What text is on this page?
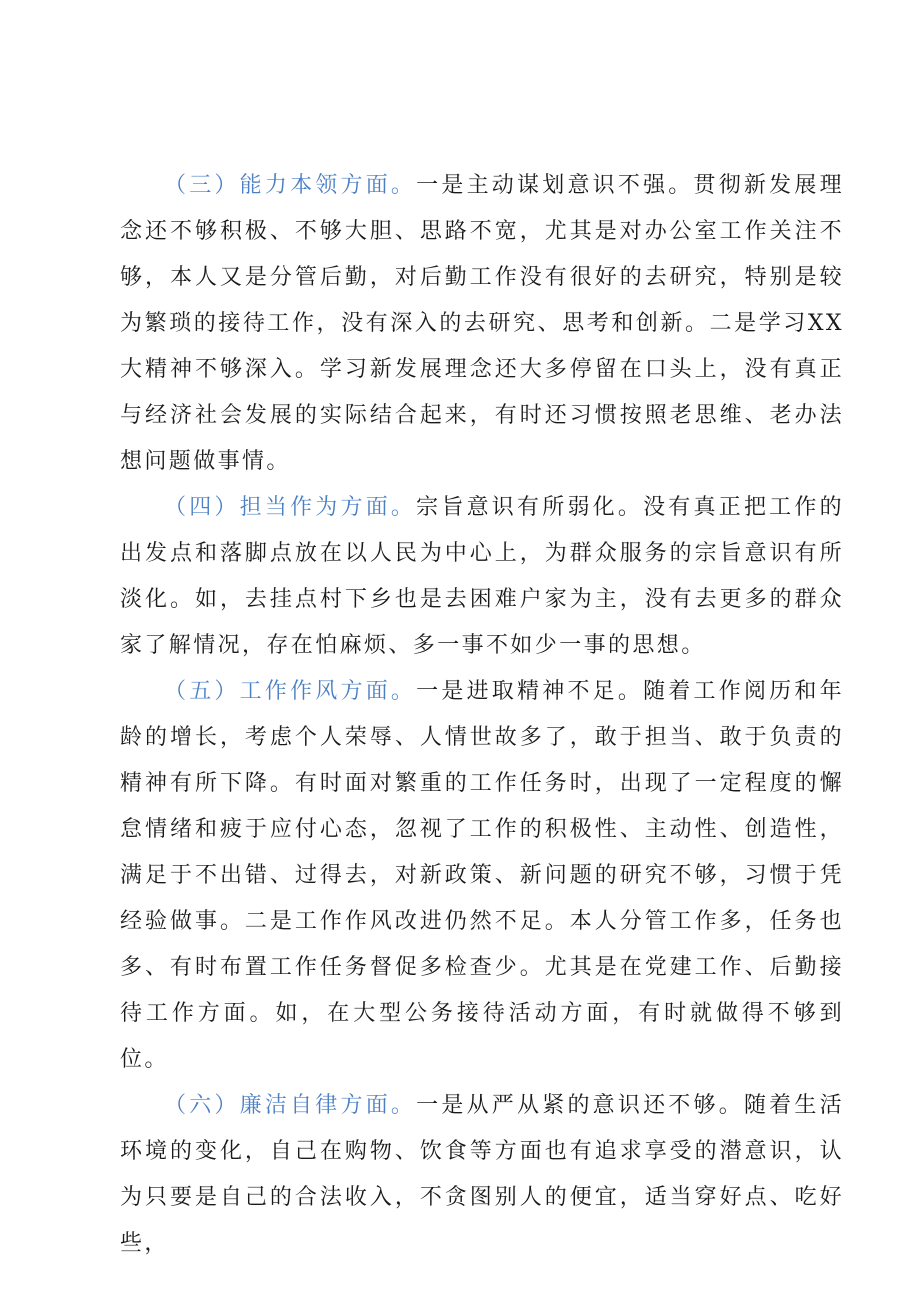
（三）能力本领方面。一是主动谋划意识不强。贯彻新发展理念还不够积极、不够大胆、思路不宽，尤其是对办公室工作关注不够，本人又是分管后勤，对后勤工作没有很好的去研究，特别是较为繁琐的接待工作，没有深入的去研究、思考和创新。二是学习XX大精神不够深入。学习新发展理念还大多停留在口头上，没有真正与经济社会发展的实际结合起来，有时还习惯按照老思维、老办法想问题做事情。

（四）担当作为方面。宗旨意识有所弱化。没有真正把工作的出发点和落脚点放在以人民为中心上，为群众服务的宗旨意识有所淡化。如，去挂点村下乡也是去困难户家为主，没有去更多的群众家了解情况，存在怕麻烦、多一事不如少一事的思想。

（五）工作作风方面。一是进取精神不足。随着工作阅历和年龄的增长，考虑个人荣辱、人情世故多了，敢于担当、敢于负责的精神有所下降。有时面对繁重的工作任务时，出现了一定程度的懈怠情绪和疲于应付心态，忽视了工作的积极性、主动性、创造性，满足于不出错、过得去，对新政策、新问题的研究不够，习惯于凭经验做事。二是工作作风改进仍然不足。本人分管工作多，任务也多、有时布置工作任务督促多检查少。尤其是在党建工作、后勤接待工作方面。如，在大型公务接待活动方面，有时就做得不够到位。

（六）廉洁自律方面。一是从严从紧的意识还不够。随着生活环境的变化，自己在购物、饮食等方面也有追求享受的潜意识，认为只要是自己的合法收入，不贪图别人的便宜，适当穿好点、吃好些，
